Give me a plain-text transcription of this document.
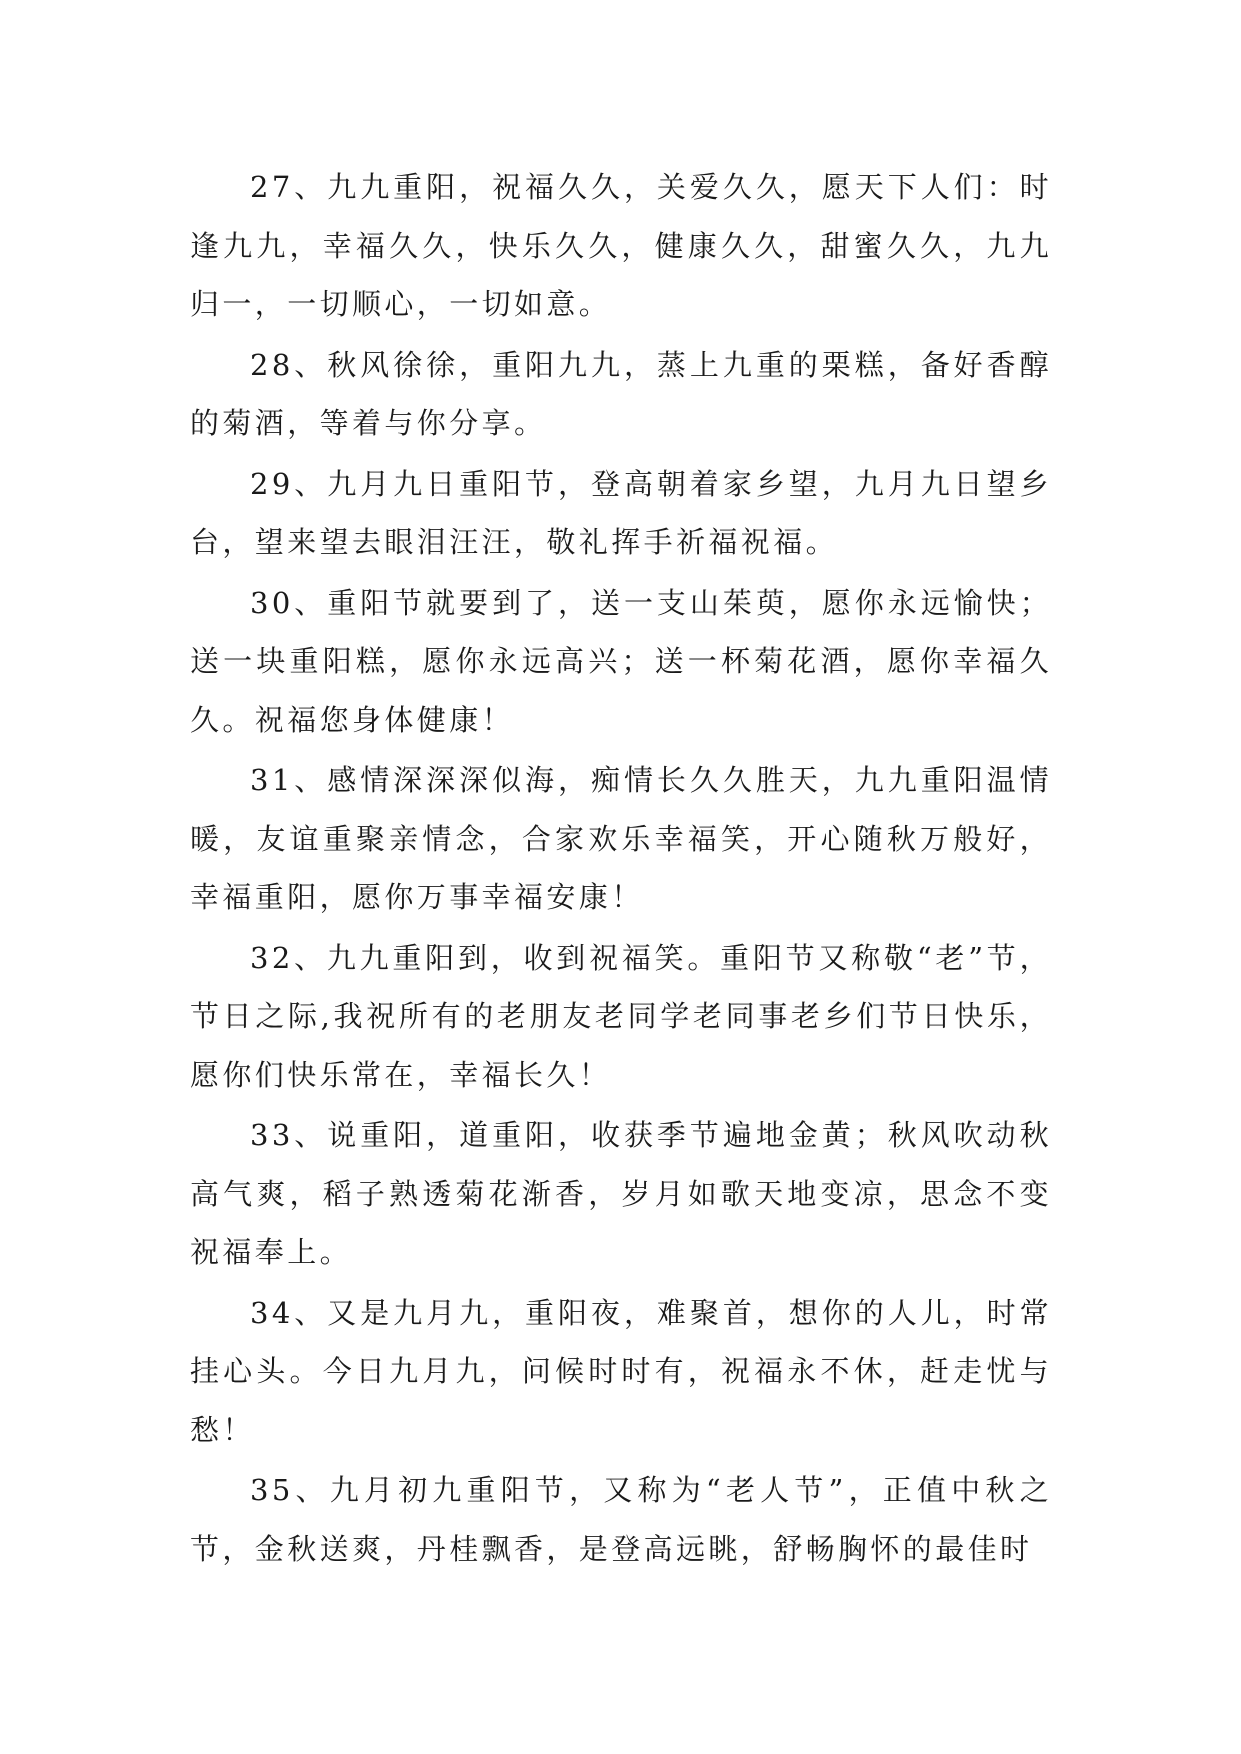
27、九九重阳，祝福久久，关爱久久，愿天下人们：时逢九九，幸福久久，快乐久久，健康久久，甜蜜久久，九九归一，一切顺心，一切如意。

28、秋风徐徐，重阳九九，蒸上九重的栗糕，备好香醇的菊酒，等着与你分享。

29、九月九日重阳节，登高朝着家乡望，九月九日望乡台，望来望去眼泪汪汪，敬礼挥手祈福祝福。

30、重阳节就要到了，送一支山茱萸，愿你永远愉快；送一块重阳糕，愿你永远高兴；送一杯菊花酒，愿你幸福久久。祝福您身体健康！

31、感情深深深似海，痴情长久久胜天，九九重阳温情暖，友谊重聚亲情念，合家欢乐幸福笑，开心随秋万般好，幸福重阳，愿你万事幸福安康！

32、九九重阳到，收到祝福笑。重阳节又称敬“老”节，节日之际,我祝所有的老朋友老同学老同事老乡们节日快乐，愿你们快乐常在，幸福长久！

33、说重阳，道重阳，收获季节遍地金黄；秋风吹动秋高气爽，稻子熟透菊花渐香，岁月如歌天地变凉，思念不变祝福奉上。

34、又是九月九，重阳夜，难聚首，想你的人儿，时常挂心头。今日九月九，问候时时有，祝福永不休，赶走忧与愁！

35、九月初九重阳节，又称为“老人节”，正值中秋之节，金秋送爽，丹桂飘香，是登高远眺，舒畅胸怀的最佳时
